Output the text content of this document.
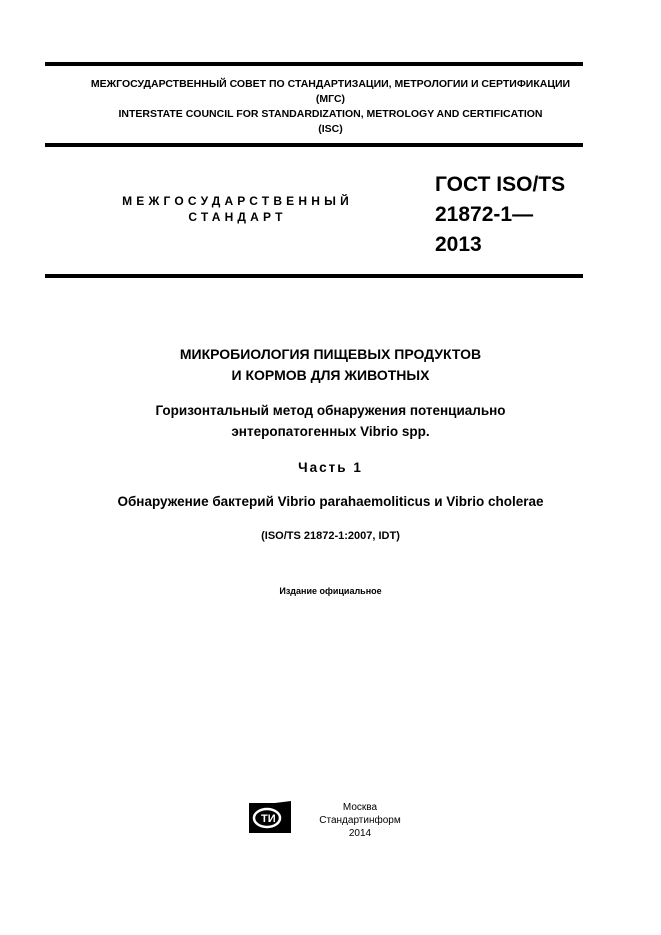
МЕЖГОСУДАРСТВЕННЫЙ СОВЕТ ПО СТАНДАРТИЗАЦИИ, МЕТРОЛОГИИ И СЕРТИФИКАЦИИ
(МГС)
INTERSTATE COUNCIL FOR STANDARDIZATION, METROLOGY AND CERTIFICATION
(ISC)
МЕЖГОСУДАРСТВЕННЫЙ
СТАНДАРТ
ГОСТ ISO/TS
21872-1—
2013
МИКРОБИОЛОГИЯ ПИЩЕВЫХ ПРОДУКТОВ
И КОРМОВ ДЛЯ ЖИВОТНЫХ
Горизонтальный метод обнаружения потенциально
энтеропатогенных Vibrio spp.
Часть 1
Обнаружение бактерий Vibrio parahaemoliticus и Vibrio cholerae
(ISO/TS 21872-1:2007, IDT)
Издание официальное
ТИ
Москва
Стандартинформ
2014
